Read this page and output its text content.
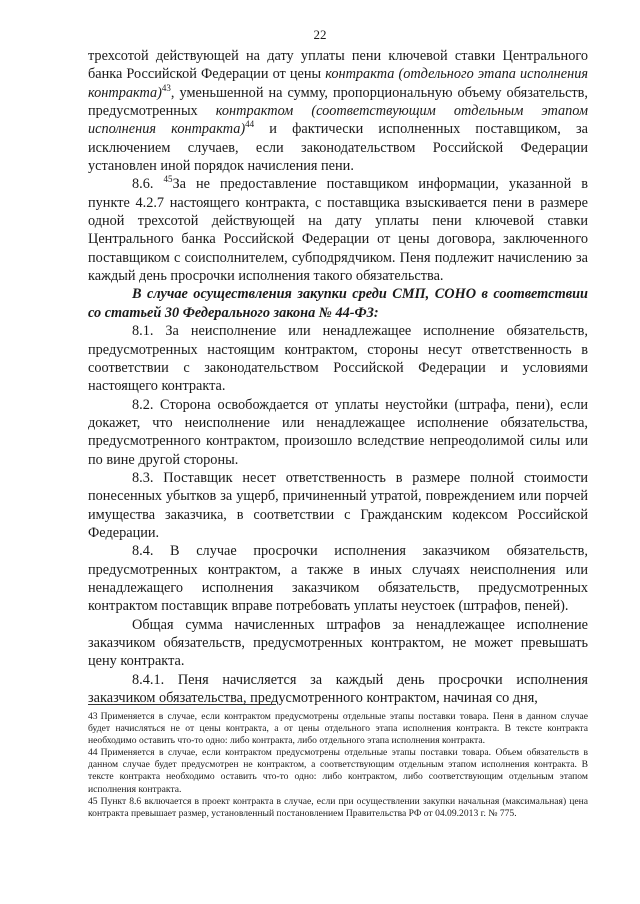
22

трехсотой действующей на дату уплаты пени ключевой ставки Центрального банка Российской Федерации от цены контракта (отдельного этапа исполнения контракта)$^{43}$, уменьшенной на сумму, пропорциональную объему обязательств, предусмотренных контрактом (соответствующим отдельным этапом исполнения контракта)$^{44}$ и фактически исполненных поставщиком, за исключением случаев, если законодательством Российской Федерации установлен иной порядок начисления пени.

8.6. $^{45}$За не предоставление поставщиком информации, указанной в пункте 4.2.7 настоящего контракта, с поставщика взыскивается пени в размере одной трехсотой действующей на дату уплаты пени ключевой ставки Центрального банка Российской Федерации от цены договора, заключенного поставщиком с соисполнителем, субподрядчиком. Пеня подлежит начислению за каждый день просрочки исполнения такого обязательства.

В случае осуществления закупки среди СМП, СОНО в соответствии со статьей 30 Федерального закона № 44-ФЗ:

8.1. За неисполнение или ненадлежащее исполнение обязательств, предусмотренных настоящим контрактом, стороны несут ответственность в соответствии с законодательством Российской Федерации и условиями настоящего контракта.

8.2. Сторона освобождается от уплаты неустойки (штрафа, пени), если докажет, что неисполнение или ненадлежащее исполнение обязательства, предусмотренного контрактом, произошло вследствие непреодолимой силы или по вине другой стороны.

8.3. Поставщик несет ответственность в размере полной стоимости понесенных убытков за ущерб, причиненный утратой, повреждением или порчей имущества заказчика, в соответствии с Гражданским кодексом Российской Федерации.

8.4. В случае просрочки исполнения заказчиком обязательств, предусмотренных контрактом, а также в иных случаях неисполнения или ненадлежащего исполнения заказчиком обязательств, предусмотренных контрактом поставщик вправе потребовать уплаты неустоек (штрафов, пеней).

Общая сумма начисленных штрафов за ненадлежащее исполнение заказчиком обязательств, предусмотренных контрактом, не может превышать цену контракта.

8.4.1. Пеня начисляется за каждый день просрочки исполнения заказчиком обязательства, предусмотренного контрактом, начиная со дня,

43 Применяется в случае, если контрактом предусмотрены отдельные этапы поставки товара. Пеня в данном случае будет начисляться не от цены контракта, а от цены отдельного этапа исполнения контракта. В тексте контракта необходимо оставить что-то одно: либо контракта, либо отдельного этапа исполнения контракта.

44 Применяется в случае, если контрактом предусмотрены отдельные этапы поставки товара. Объем обязательств в данном случае будет предусмотрен не контрактом, а соответствующим отдельным этапом исполнения контракта. В тексте контракта необходимо оставить что-то одно: либо контрактом, либо соответствующим отдельным этапом исполнения контракта.

45 Пункт 8.6 включается в проект контракта в случае, если при осуществлении закупки начальная (максимальная) цена контракта превышает размер, установленный постановлением Правительства РФ от 04.09.2013 г. № 775.
